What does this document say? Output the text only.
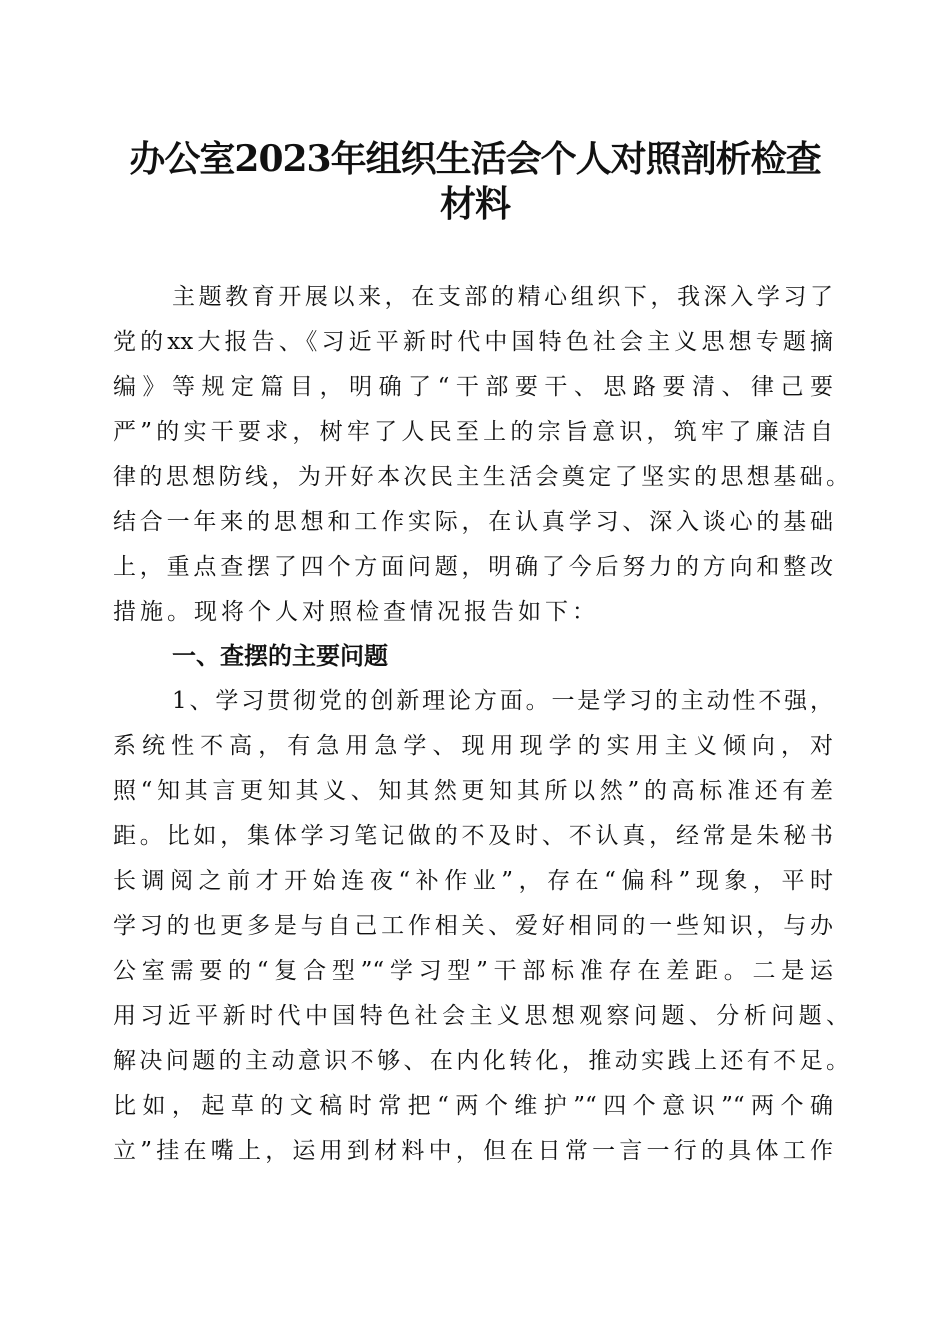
办公室2023年组织生活会个人对照剖析检查
材料
主题教育开展以来，在支部的精心组织下，我深入学习了
党的xx大报告、《习近平新时代中国特色社会主义思想专题摘
编》等规定篇目，明确了“干部要干、思路要清、律己要
严”的实干要求，树牢了人民至上的宗旨意识，筑牢了廉洁自
律的思想防线，为开好本次民主生活会奠定了坚实的思想基础。
结合一年来的思想和工作实际，在认真学习、深入谈心的基础
上，重点查摆了四个方面问题，明确了今后努力的方向和整改
措施。现将个人对照检查情况报告如下：
一、查摆的主要问题
1、学习贯彻党的创新理论方面。一是学习的主动性不强，
系统性不高，有急用急学、现用现学的实用主义倾向，对
照“知其言更知其义、知其然更知其所以然”的高标准还有差
距。比如，集体学习笔记做的不及时、不认真，经常是朱秘书
长调阅之前才开始连夜“补作业”，存在“偏科”现象，平时
学习的也更多是与自己工作相关、爱好相同的一些知识，与办
公室需要的“复合型”“学习型”干部标准存在差距。二是运
用习近平新时代中国特色社会主义思想观察问题、分析问题、
解决问题的主动意识不够、在内化转化，推动实践上还有不足。
比如，起草的文稿时常把“两个维护”“四个意识”“两个确
立”挂在嘴上，运用到材料中，但在日常一言一行的具体工作
